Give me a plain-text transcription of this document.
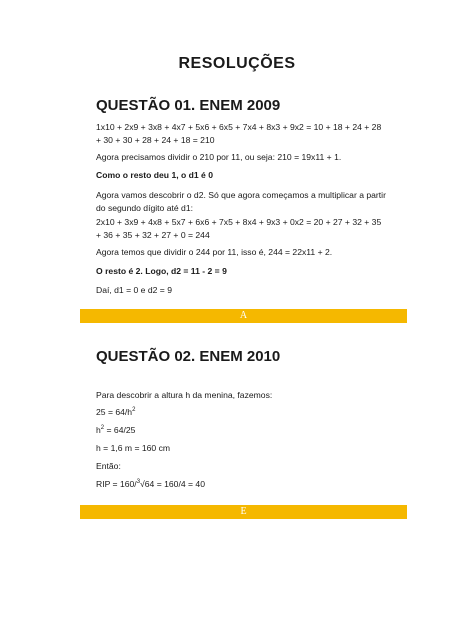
RESOLUÇÕES
QUESTÃO 01. ENEM 2009
1x10 + 2x9 + 3x8 + 4x7 + 5x6 + 6x5 + 7x4 + 8x3 + 9x2 = 10 + 18 + 24 + 28 + 30 + 30 + 28 + 24 + 18 = 210
Agora precisamos dividir o 210 por 11, ou seja: 210 = 19x11 + 1.
Como o resto deu 1, o d1 é 0
Agora vamos descobrir o d2. Só que agora começamos a multiplicar a partir do segundo dígito até d1:
2x10 + 3x9 + 4x8 + 5x7 + 6x6 + 7x5 + 8x4 + 9x3 + 0x2 = 20 + 27 + 32 + 35 + 36 + 35 + 32 + 27 + 0 = 244
Agora temos que dividir o 244 por 11, isso é, 244 = 22x11 + 2.
O resto é 2. Logo, d2 = 11 - 2 = 9
Daí, d1 = 0 e d2 = 9
A
QUESTÃO 02. ENEM 2010
Para descobrir a altura h da menina, fazemos:
$25 = 64/h^2$
$h^2 = 64/25$
h = 1,6 m = 160 cm
Então:
RIP = 160/$^3$√64 = 160/4 = 40
E
